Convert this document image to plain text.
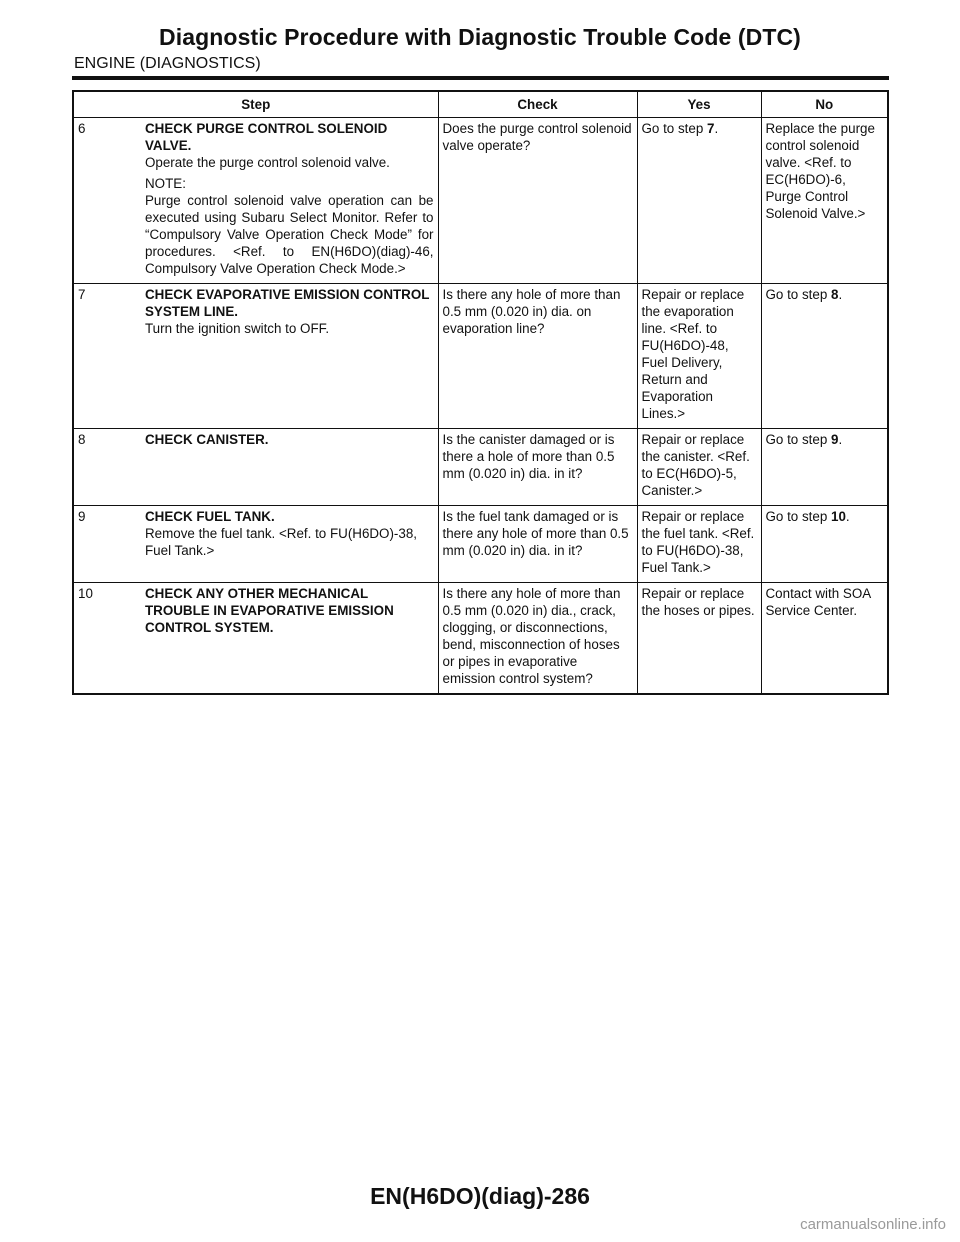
Diagnostic Procedure with Diagnostic Trouble Code (DTC)
ENGINE (DIAGNOSTICS)
Step		Check	Yes	No
6	CHECK PURGE CONTROL SOLENOID VALVE.
Operate the purge control solenoid valve.
NOTE:
Purge control solenoid valve operation can be executed using Subaru Select Monitor. Refer to “Compulsory Valve Operation Check Mode” for procedures. <Ref. to EN(H6DO)(diag)-46, Compulsory Valve Operation Check Mode.>	Does the purge control solenoid valve operate?	Go to step 7.	Replace the purge control solenoid valve. <Ref. to EC(H6DO)-6, Purge Control Solenoid Valve.>
7	CHECK EVAPORATIVE EMISSION CONTROL SYSTEM LINE.
Turn the ignition switch to OFF.	Is there any hole of more than 0.5 mm (0.020 in) dia. on evaporation line?	Repair or replace the evaporation line. <Ref. to FU(H6DO)-48, Fuel Delivery, Return and Evaporation Lines.>	Go to step 8.
8	CHECK CANISTER.	Is the canister damaged or is there a hole of more than 0.5 mm (0.020 in) dia. in it?	Repair or replace the canister. <Ref. to EC(H6DO)-5, Canister.>	Go to step 9.
9	CHECK FUEL TANK.
Remove the fuel tank. <Ref. to FU(H6DO)-38, Fuel Tank.>	Is the fuel tank damaged or is there any hole of more than 0.5 mm (0.020 in) dia. in it?	Repair or replace the fuel tank. <Ref. to FU(H6DO)-38, Fuel Tank.>	Go to step 10.
10	CHECK ANY OTHER MECHANICAL TROUBLE IN EVAPORATIVE EMISSION CONTROL SYSTEM.	Is there any hole of more than 0.5 mm (0.020 in) dia., crack, clogging, or disconnections, bend, misconnection of hoses or pipes in evaporative emission control system?	Repair or replace the hoses or pipes.	Contact with SOA Service Center.
EN(H6DO)(diag)-286
carmanualsonline.info
